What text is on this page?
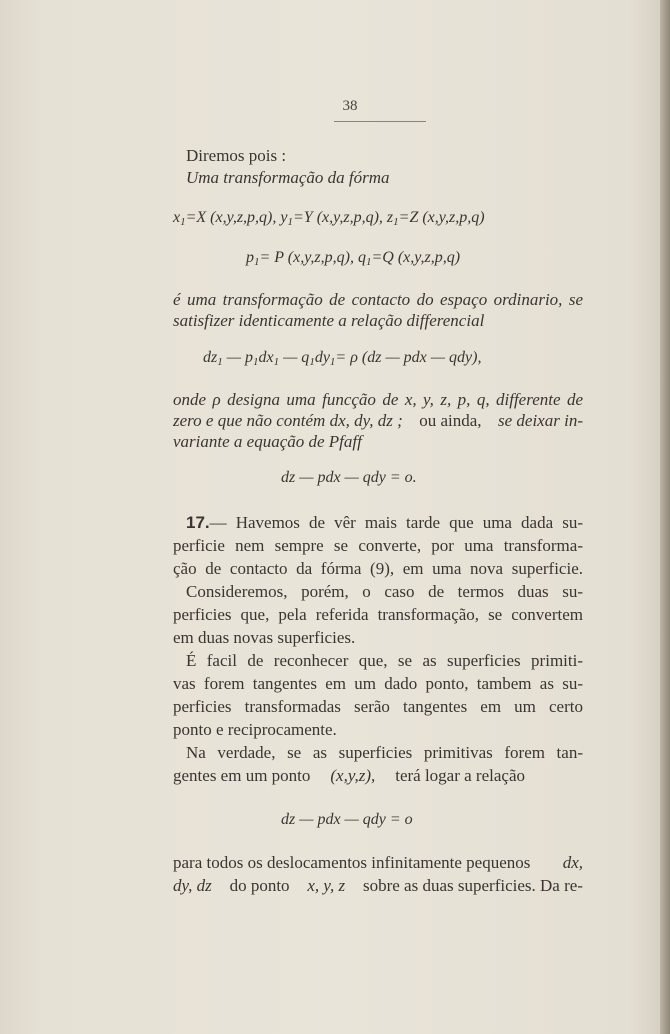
38
Diremos pois :
Uma transformação da fórma
$x_1=X$ (x,y,z,p,q), $y_1=Y$ (x,y,z,p,q), $z_1=Z$ (x,y,z,p,q)
$p_1= P$ (x,y,z,p,q), $q_1=Q$ (x,y,z,p,q)
é uma transformação de contacto do espaço ordinario, se
satisfizer identicamente a relação differencial
$dz_1$ — $p_1dx_1$ — $q_1dy_1= \rho$ (dz — pdx — qdy),
onde ρ designa uma funcção de x, y, z, p, q, differente de
zero e que não contém dx, dy, dz ; ou ainda, se deixar in-
variante a equação de Pfaff
dz — pdx — qdy = o.
17. — Havemos de vêr mais tarde que uma dada su-
perficie nem sempre se converte, por uma transforma-
ção de contacto da fórma (9), em uma nova superficie.
Consideremos, porém, o caso de termos duas su-
perficies que, pela referida transformação, se convertem
em duas novas superficies.
É facil de reconhecer que, se as superficies primiti-
vas forem tangentes em um dado ponto, tambem as su-
perficies transformadas serão tangentes em um certo
ponto e reciprocamente.
Na verdade, se as superficies primitivas forem tan-
gentes em um ponto (x,y,z), terá logar a relação
dz — pdx — qdy = o
para todos os deslocamentos infinitamente pequenos dx,
dy, dz do ponto x, y, z sobre as duas superficies. Da re-
